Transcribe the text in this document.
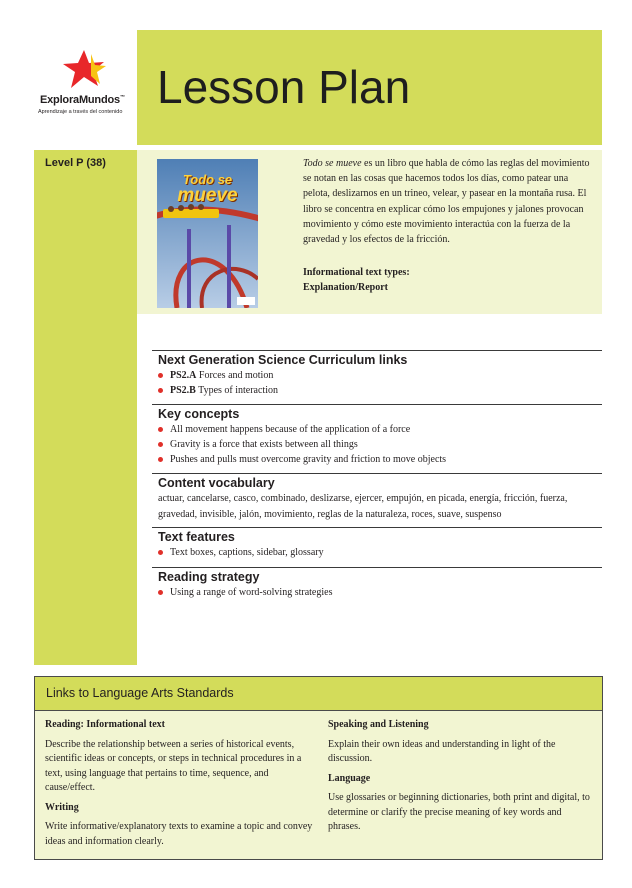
ExploraMundos™
Aprendizaje a través del contenido Lesson Plan
Level P (38)
Todo se
mueve

Todo se mueve es un libro que habla de cómo las reglas del movimiento se notan en las cosas que hacemos todos los días, como patear una pelota, deslizarnos en un trineo, velear, y pasear en la montaña rusa. El libro se concentra en explicar cómo los empujones y jalones provocan movimiento y cómo este movimiento interactúa con la fuerza de la gravedad y los efectos de la fricción.

Informational text types:
Explanation/Report
Next Generation Science Curriculum links
PS2.A Forces and motion
PS2.B Types of interaction
Key concepts
All movement happens because of the application of a force
Gravity is a force that exists between all things
Pushes and pulls must overcome gravity and friction to move objects
Content vocabulary

actuar, cancelarse, casco, combinado, deslizarse, ejercer, empujón, en picada, energía, fricción, fuerza, gravedad, invisible, jalón, movimiento, reglas de la naturaleza, roces, suave, suspenso

Text features
Text boxes, captions, sidebar, glossary
Reading strategy
Using a range of word-solving strategies
Links to Language Arts Standards
Reading: Informational text

Describe the relationship between a series of historical events, scientific ideas or concepts, or steps in technical procedures in a text, using language that pertains to time, sequence, and cause/effect.

Writing

Write informative/explanatory texts to examine a topic and convey ideas and information clearly.

Speaking and Listening

Explain their own ideas and understanding in light of the discussion.

Language

Use glossaries or beginning dictionaries, both print and digital, to determine or clarify the precise meaning of key words and phrases.
